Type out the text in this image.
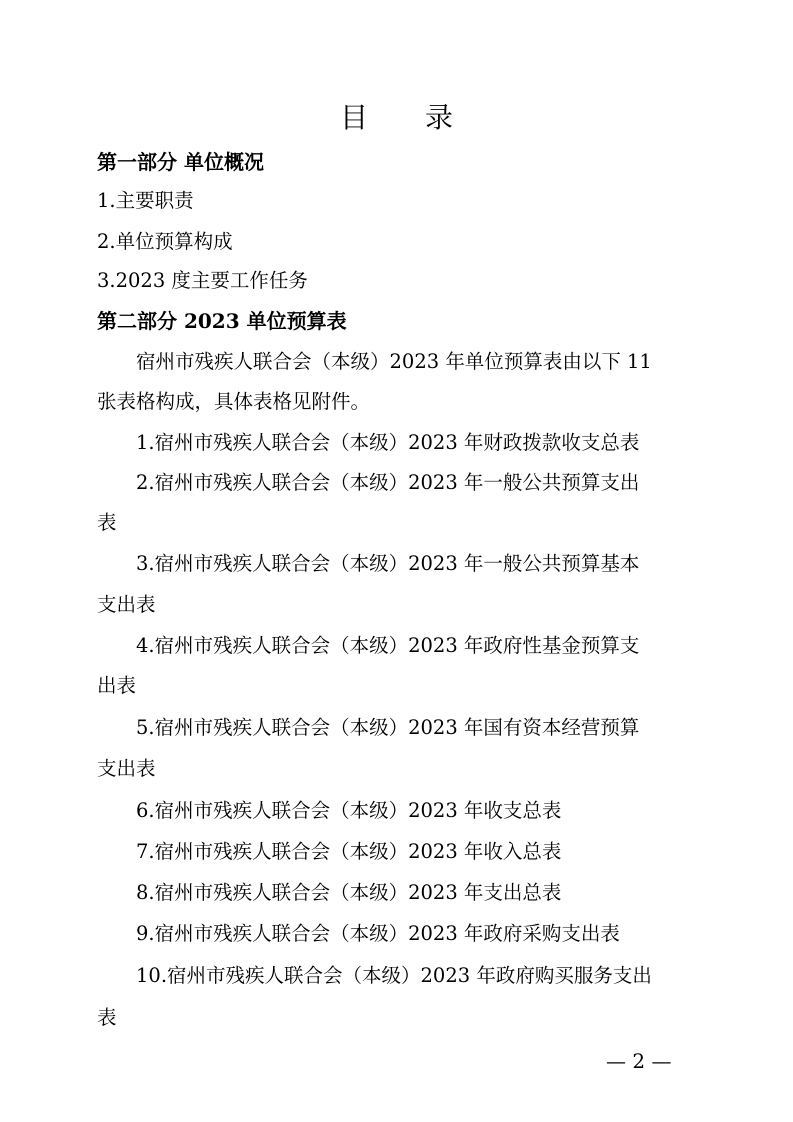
目 录
第一部分 单位概况
1.主要职责
2.单位预算构成
3.2023 度主要工作任务
第二部分 2023 单位预算表
宿州市残疾人联合会（本级）2023 年单位预算表由以下 11
张表格构成，具体表格见附件。
1.宿州市残疾人联合会（本级）2023 年财政拨款收支总表
2.宿州市残疾人联合会（本级）2023 年一般公共预算支出
表
3.宿州市残疾人联合会（本级）2023 年一般公共预算基本
支出表
4.宿州市残疾人联合会（本级）2023 年政府性基金预算支
出表
5.宿州市残疾人联合会（本级）2023 年国有资本经营预算
支出表
6.宿州市残疾人联合会（本级）2023 年收支总表
7.宿州市残疾人联合会（本级）2023 年收入总表
8.宿州市残疾人联合会（本级）2023 年支出总表
9.宿州市残疾人联合会（本级）2023 年政府采购支出表
10.宿州市残疾人联合会（本级）2023 年政府购买服务支出
表
— 2 —
